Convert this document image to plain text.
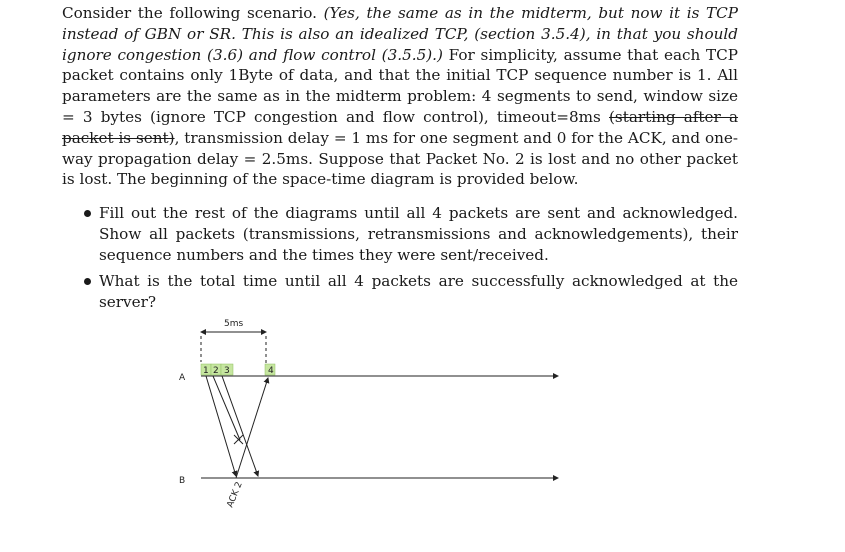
Consider the following scenario. (Yes, the same as in the midterm, but now it is TCP instead of GBN or SR. This is also an idealized TCP, (section 3.5.4), in that you should ignore congestion (3.6) and flow control (3.5.5).) For simplicity, assume that each TCP packet contains only 1Byte of data, and that the initial TCP sequence number is 1. All parameters are the same as in the midterm problem: 4 segments to send, window size = 3 bytes (ignore TCP congestion and flow control), timeout=8ms (starting after a packet is sent), transmission delay = 1 ms for one segment and 0 for the ACK, and one-way propagation delay = 2.5ms. Suppose that Packet No. 2 is lost and no other packet is lost. The beginning of the space-time diagram is provided below.

Fill out the rest of the diagrams until all 4 packets are sent and acknowledged. Show all packets (transmissions, retransmissions and acknowledgements), their sequence numbers and the times they were sent/received.
What is the total time until all 4 packets are successfully acknowledged at the server?
5ms
1 2 3	4
A
B	ACK 2
